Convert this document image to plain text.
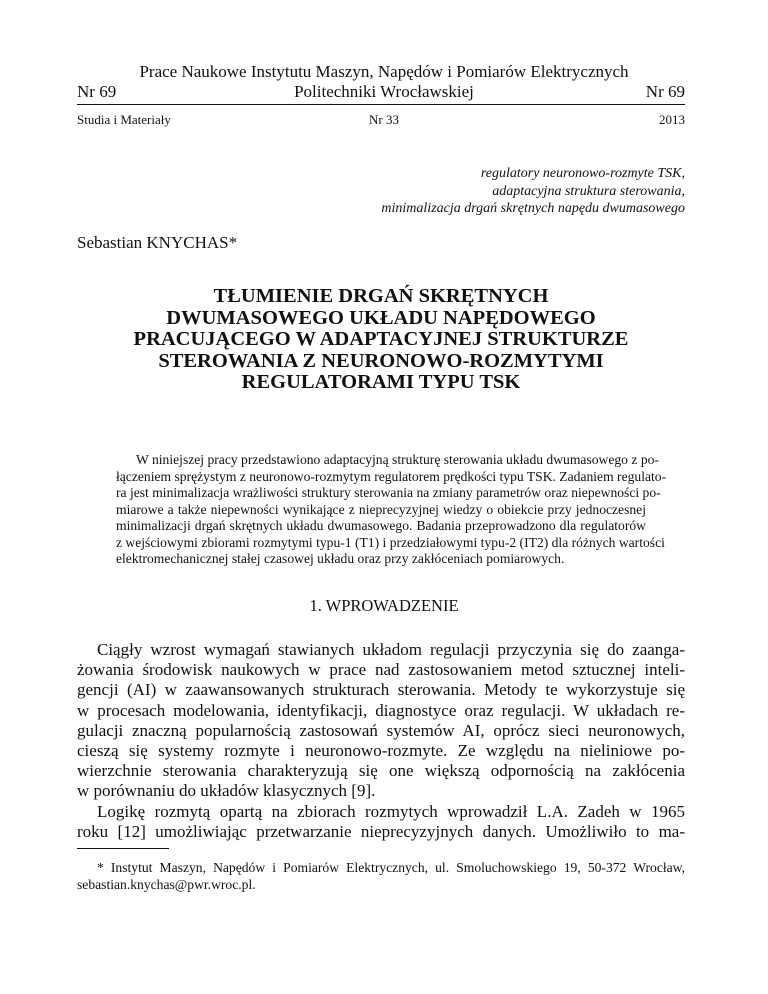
Prace Naukowe Instytutu Maszyn, Napędów i Pomiarów Elektrycznych
Nr 69	Politechniki Wrocławskiej	Nr 69
Studia i Materiały	Nr 33	2013
regulatory neuronowo-rozmyte TSK,
adaptacyjna struktura sterowania,
minimalizacja drgań skrętnych napędu dwumasowego
Sebastian KNYCHAS*
TŁUMIENIE DRGAŃ SKRĘTNYCH
DWUMASOWEGO UKŁADU NAPĘDOWEGO
PRACUJĄCEGO W ADAPTACYJNEJ STRUKTURZE
STEROWANIA Z NEURONOWO-ROZMYTYMI
REGULATORAMI TYPU TSK
W niniejszej pracy przedstawiono adaptacyjną strukturę sterowania układu dwumasowego z po-
łączeniem sprężystym z neuronowo-rozmytym regulatorem prędkości typu TSK. Zadaniem regulato-
ra jest minimalizacja wrażliwości struktury sterowania na zmiany parametrów oraz niepewności po-
miarowe a także niepewności wynikające z nieprecyzyjnej wiedzy o obiekcie przy jednoczesnej
minimalizacji drgań skrętnych układu dwumasowego. Badania przeprowadzono dla regulatorów
z wejściowymi zbiorami rozmytymi typu-1 (T1) i przedziałowymi typu-2 (IT2) dla różnych wartości
elektromechanicznej stałej czasowej układu oraz przy zakłóceniach pomiarowych.
1. WPROWADZENIE
Ciągły wzrost wymagań stawianych układom regulacji przyczynia się do zaanga-
żowania środowisk naukowych w prace nad zastosowaniem metod sztucznej inteli-
gencji (AI) w zaawansowanych strukturach sterowania. Metody te wykorzystuje się
w procesach modelowania, identyfikacji, diagnostyce oraz regulacji. W układach re-
gulacji znaczną popularnością zastosowań systemów AI, oprócz sieci neuronowych,
cieszą się systemy rozmyte i neuronowo-rozmyte. Ze względu na nieliniowe po-
wierzchnie sterowania charakteryzują się one większą odpornością na zakłócenia
w porównaniu do układów klasycznych [9].
Logikę rozmytą opartą na zbiorach rozmytych wprowadził L.A. Zadeh w 1965
roku [12] umożliwiając przetwarzanie nieprecyzyjnych danych. Umożliwiło to ma-
* Instytut Maszyn, Napędów i Pomiarów Elektrycznych, ul. Smoluchowskiego 19, 50-372 Wrocław,
sebastian.knychas@pwr.wroc.pl.
